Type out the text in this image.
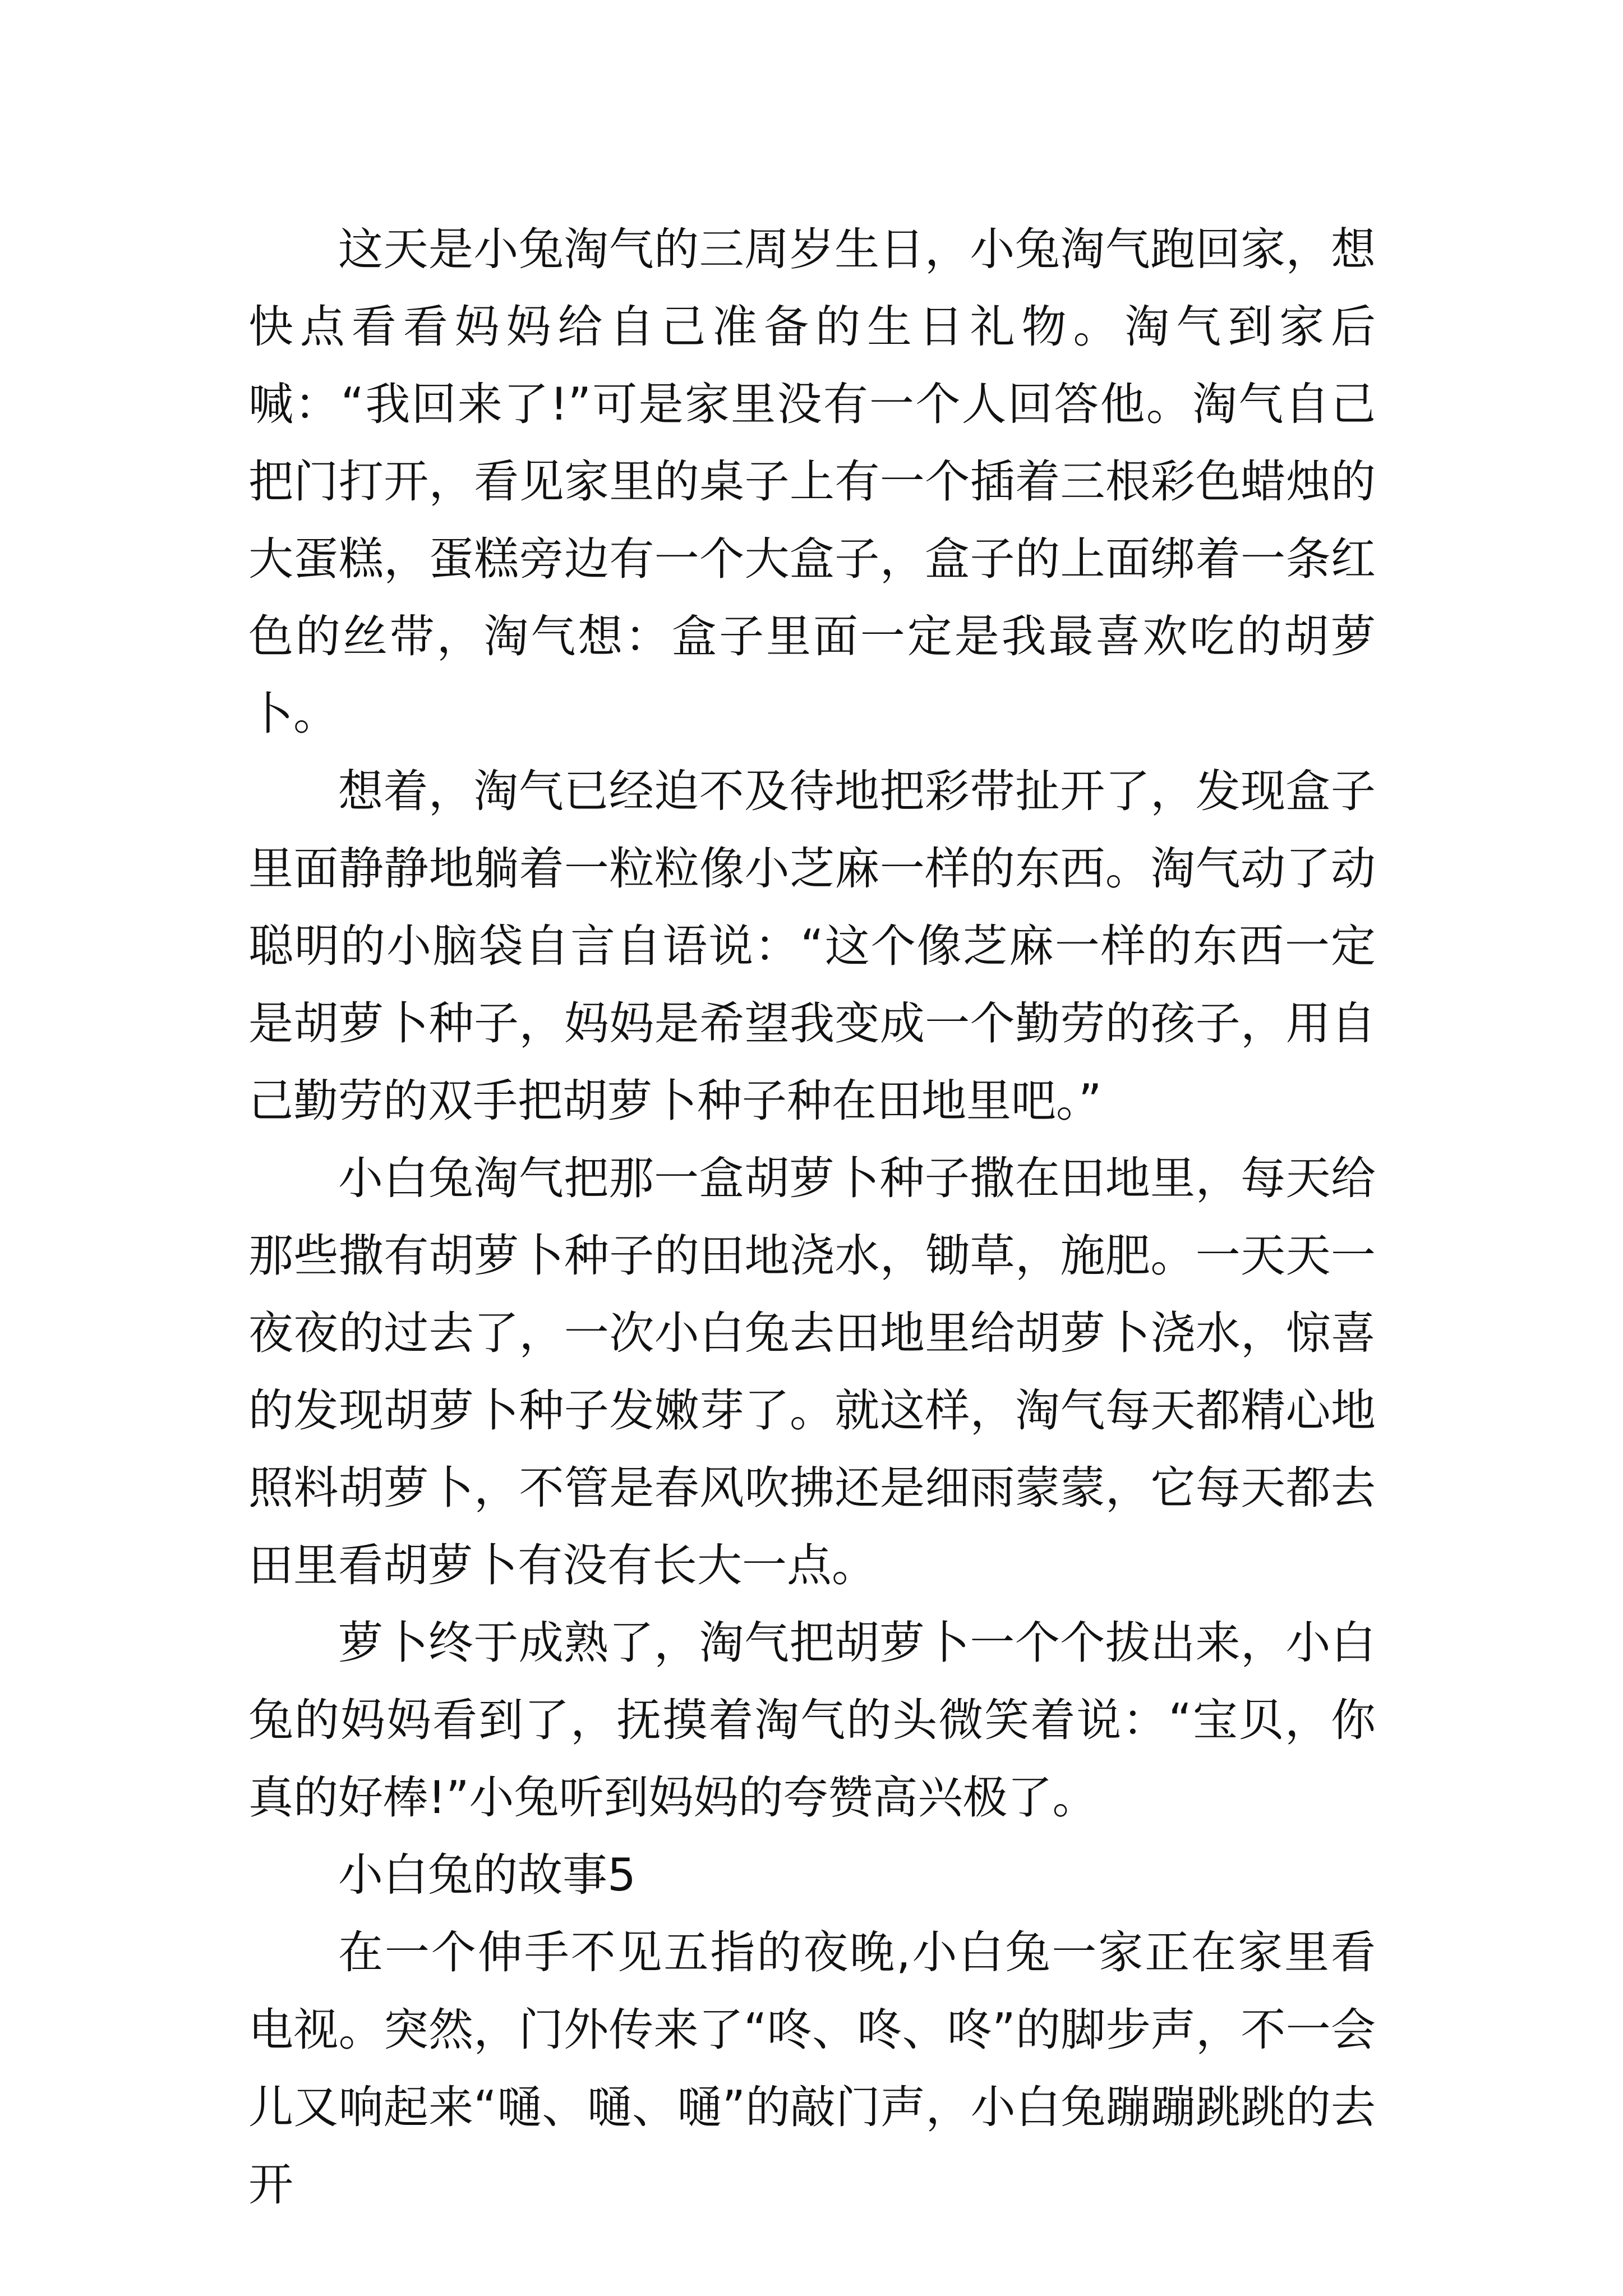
这天是小兔淘气的三周岁生日，小兔淘气跑回家，想快点看看妈妈给自己准备的生日礼物。淘气到家后喊：“我回来了!”可是家里没有一个人回答他。淘气自己把门打开，看见家里的桌子上有一个插着三根彩色蜡烛的大蛋糕，蛋糕旁边有一个大盒子，盒子的上面绑着一条红色的丝带，淘气想：盒子里面一定是我最喜欢吃的胡萝卜。

想着，淘气已经迫不及待地把彩带扯开了，发现盒子里面静静地躺着一粒粒像小芝麻一样的东西。淘气动了动聪明的小脑袋自言自语说：“这个像芝麻一样的东西一定是胡萝卜种子，妈妈是希望我变成一个勤劳的孩子，用自己勤劳的双手把胡萝卜种子种在田地里吧。”

小白兔淘气把那一盒胡萝卜种子撒在田地里，每天给那些撒有胡萝卜种子的田地浇水，锄草，施肥。一天天一夜夜的过去了，一次小白兔去田地里给胡萝卜浇水，惊喜的发现胡萝卜种子发嫩芽了。就这样，淘气每天都精心地照料胡萝卜，不管是春风吹拂还是细雨蒙蒙，它每天都去田里看胡萝卜有没有长大一点。

萝卜终于成熟了，淘气把胡萝卜一个个拔出来，小白兔的妈妈看到了，抚摸着淘气的头微笑着说：“宝贝，你真的好棒!”小兔听到妈妈的夸赞高兴极了。

小白兔的故事5

在一个伸手不见五指的夜晚,小白兔一家正在家里看电视。突然，门外传来了“咚、咚、咚”的脚步声，不一会儿又响起来“嗵、嗵、嗵”的敲门声，小白兔蹦蹦跳跳的去开
